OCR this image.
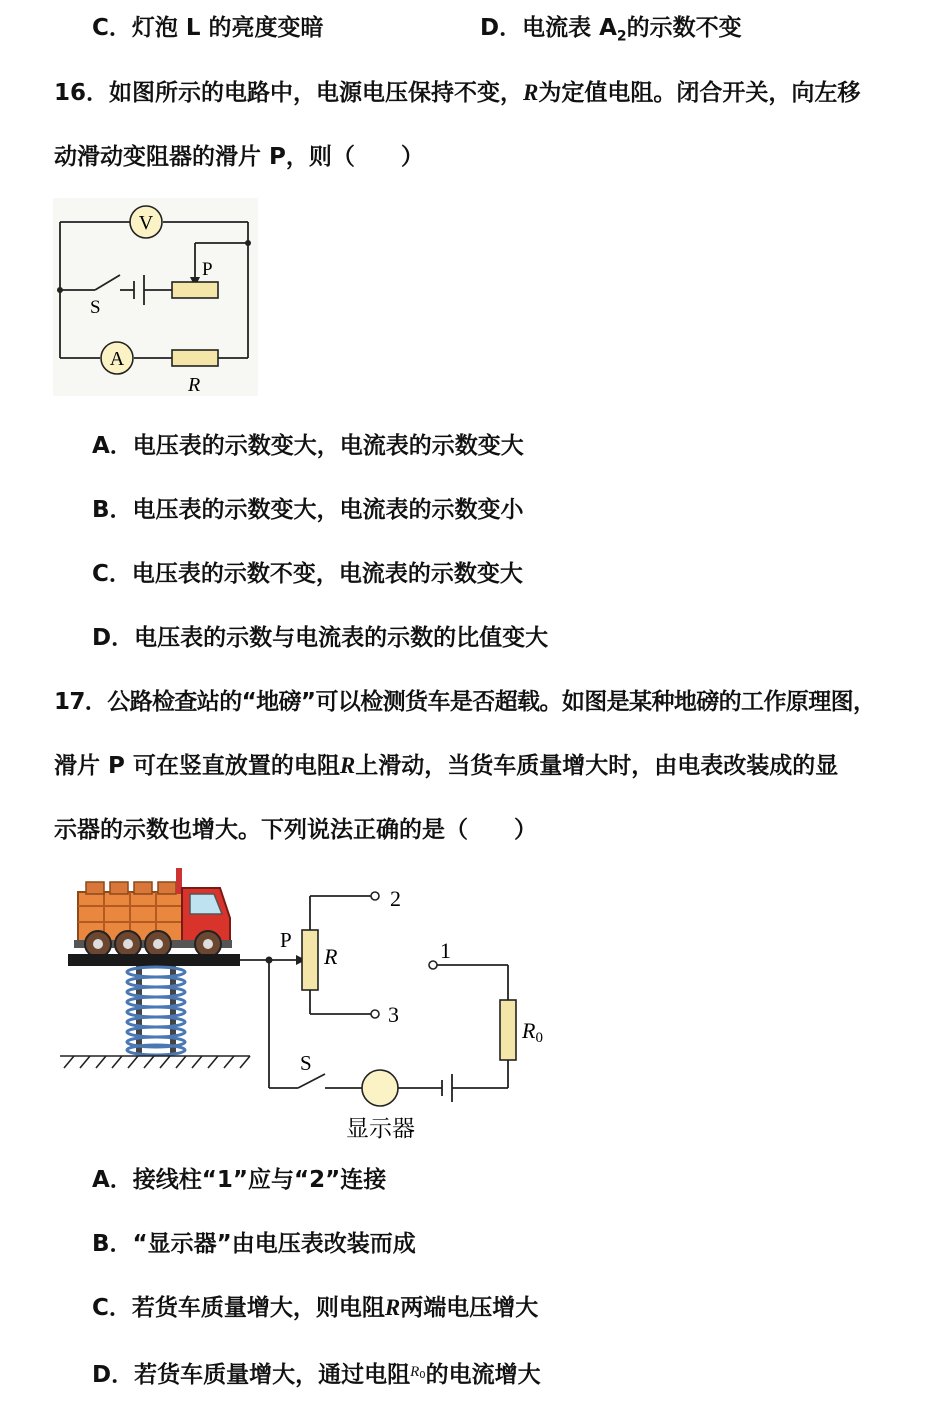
C．灯泡 L 的亮度变暗	D．电流表 $A_2$的示数不变
16．如图所示的电路中，电源电压保持不变，R为定值电阻。闭合开关，向左移
动滑动变阻器的滑片 P，则（　　）
V
A
P
S
R
A．电压表的示数变大，电流表的示数变大
B．电压表的示数变大，电流表的示数变小
C．电压表的示数不变，电流表的示数变大
D．电压表的示数与电流表的示数的比值变大
17．公路检查站的“地磅”可以检测货车是否超载。如图是某种地磅的工作原理图，
滑片 P 可在竖直放置的电阻R上滑动，当货车质量增大时，由电表改装成的显
示器的示数也增大。下列说法正确的是（　　）
2
3
1
P
R
R0
S
显示器
A．接线柱“1”应与“2”连接
B．“显示器”由电压表改装而成
C．若货车质量增大，则电阻R两端电压增大
D．若货车质量增大，通过电阻$^R$0的电流增大
